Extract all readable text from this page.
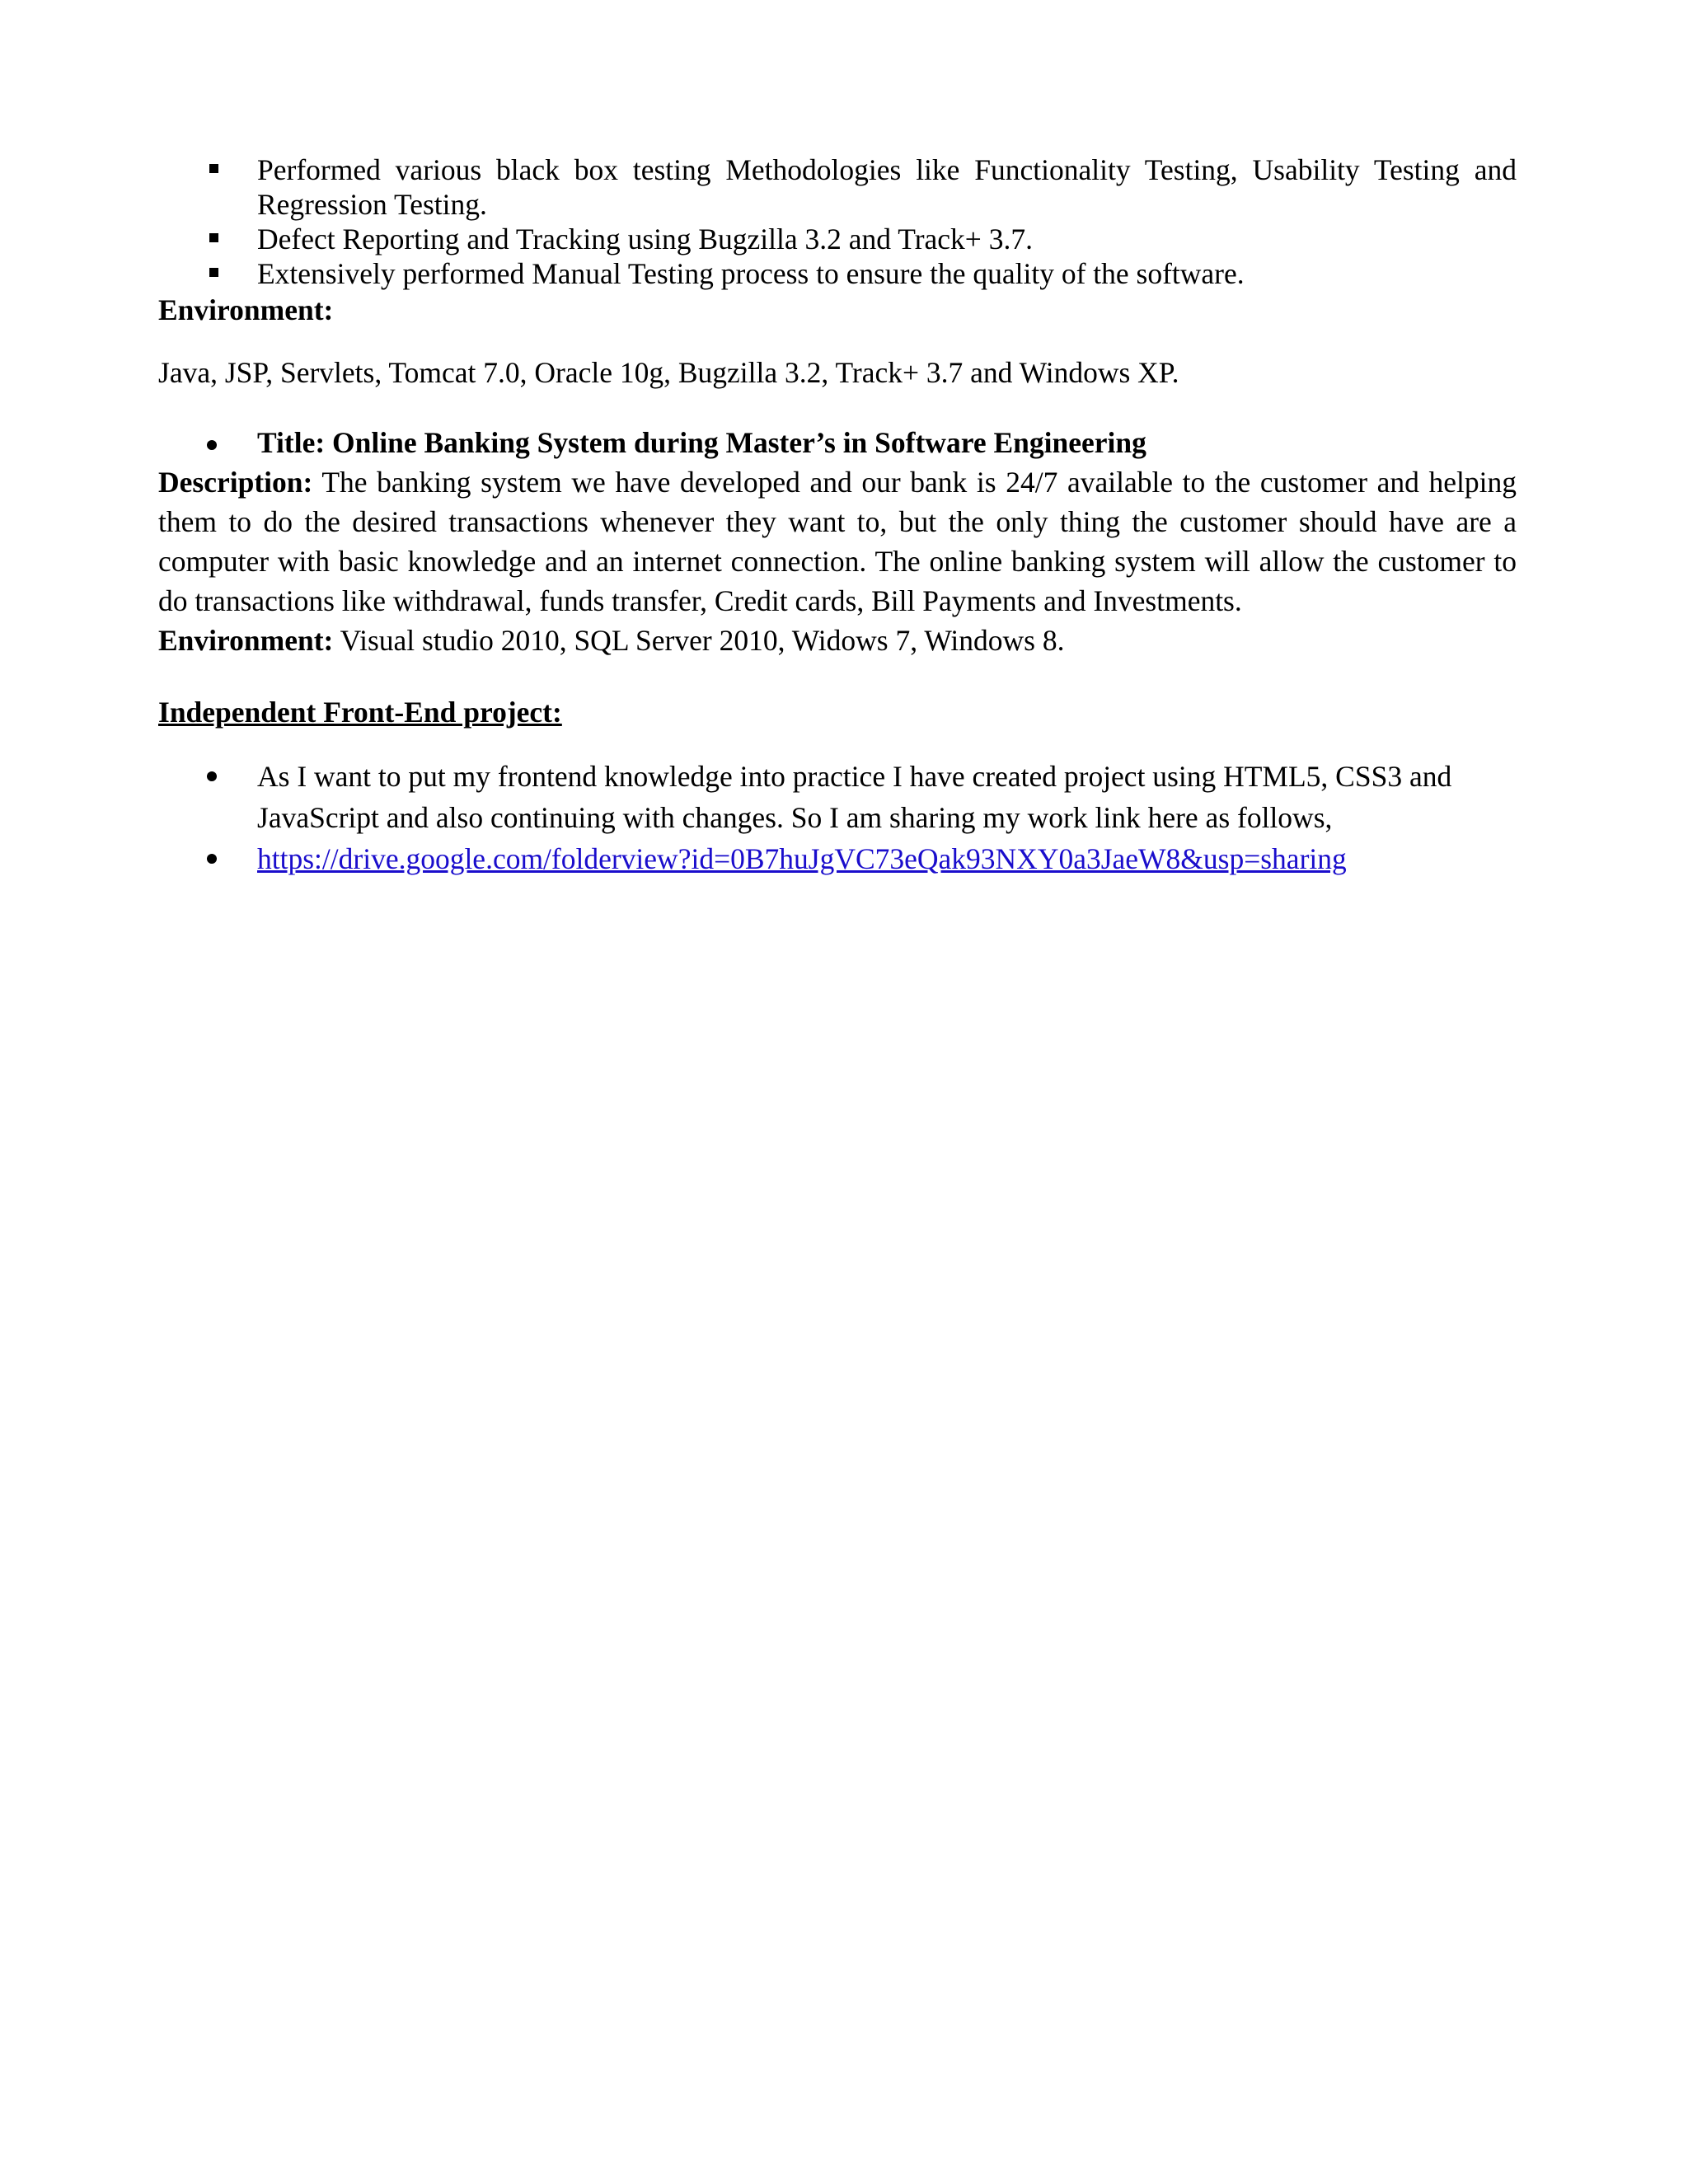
Performed various black box testing Methodologies like Functionality Testing, Usability Testing and Regression Testing.
Defect Reporting and Tracking using Bugzilla 3.2 and Track+ 3.7.
Extensively performed Manual Testing process to ensure the quality of the software.

Environment:

Java, JSP, Servlets, Tomcat 7.0, Oracle 10g, Bugzilla 3.2, Track+ 3.7 and Windows XP.

Title: Online Banking System during Master’s in Software Engineering

Description: The banking system we have developed and our bank is 24/7 available to the customer and helping them to do the desired transactions whenever they want to, but the only thing the customer should have are a computer with basic knowledge and an internet connection. The online banking system will allow the customer to do transactions like withdrawal, funds transfer, Credit cards, Bill Payments and Investments.

Environment: Visual studio 2010, SQL Server 2010, Widows 7, Windows 8.

Independent Front-End project:

As I want to put my frontend knowledge into practice I have created project using HTML5, CSS3 and JavaScript and also continuing with changes. So I am sharing my work link here as follows,
https://drive.google.com/folderview?id=0B7huJgVC73eQak93NXY0a3JaeW8&usp=sharing
